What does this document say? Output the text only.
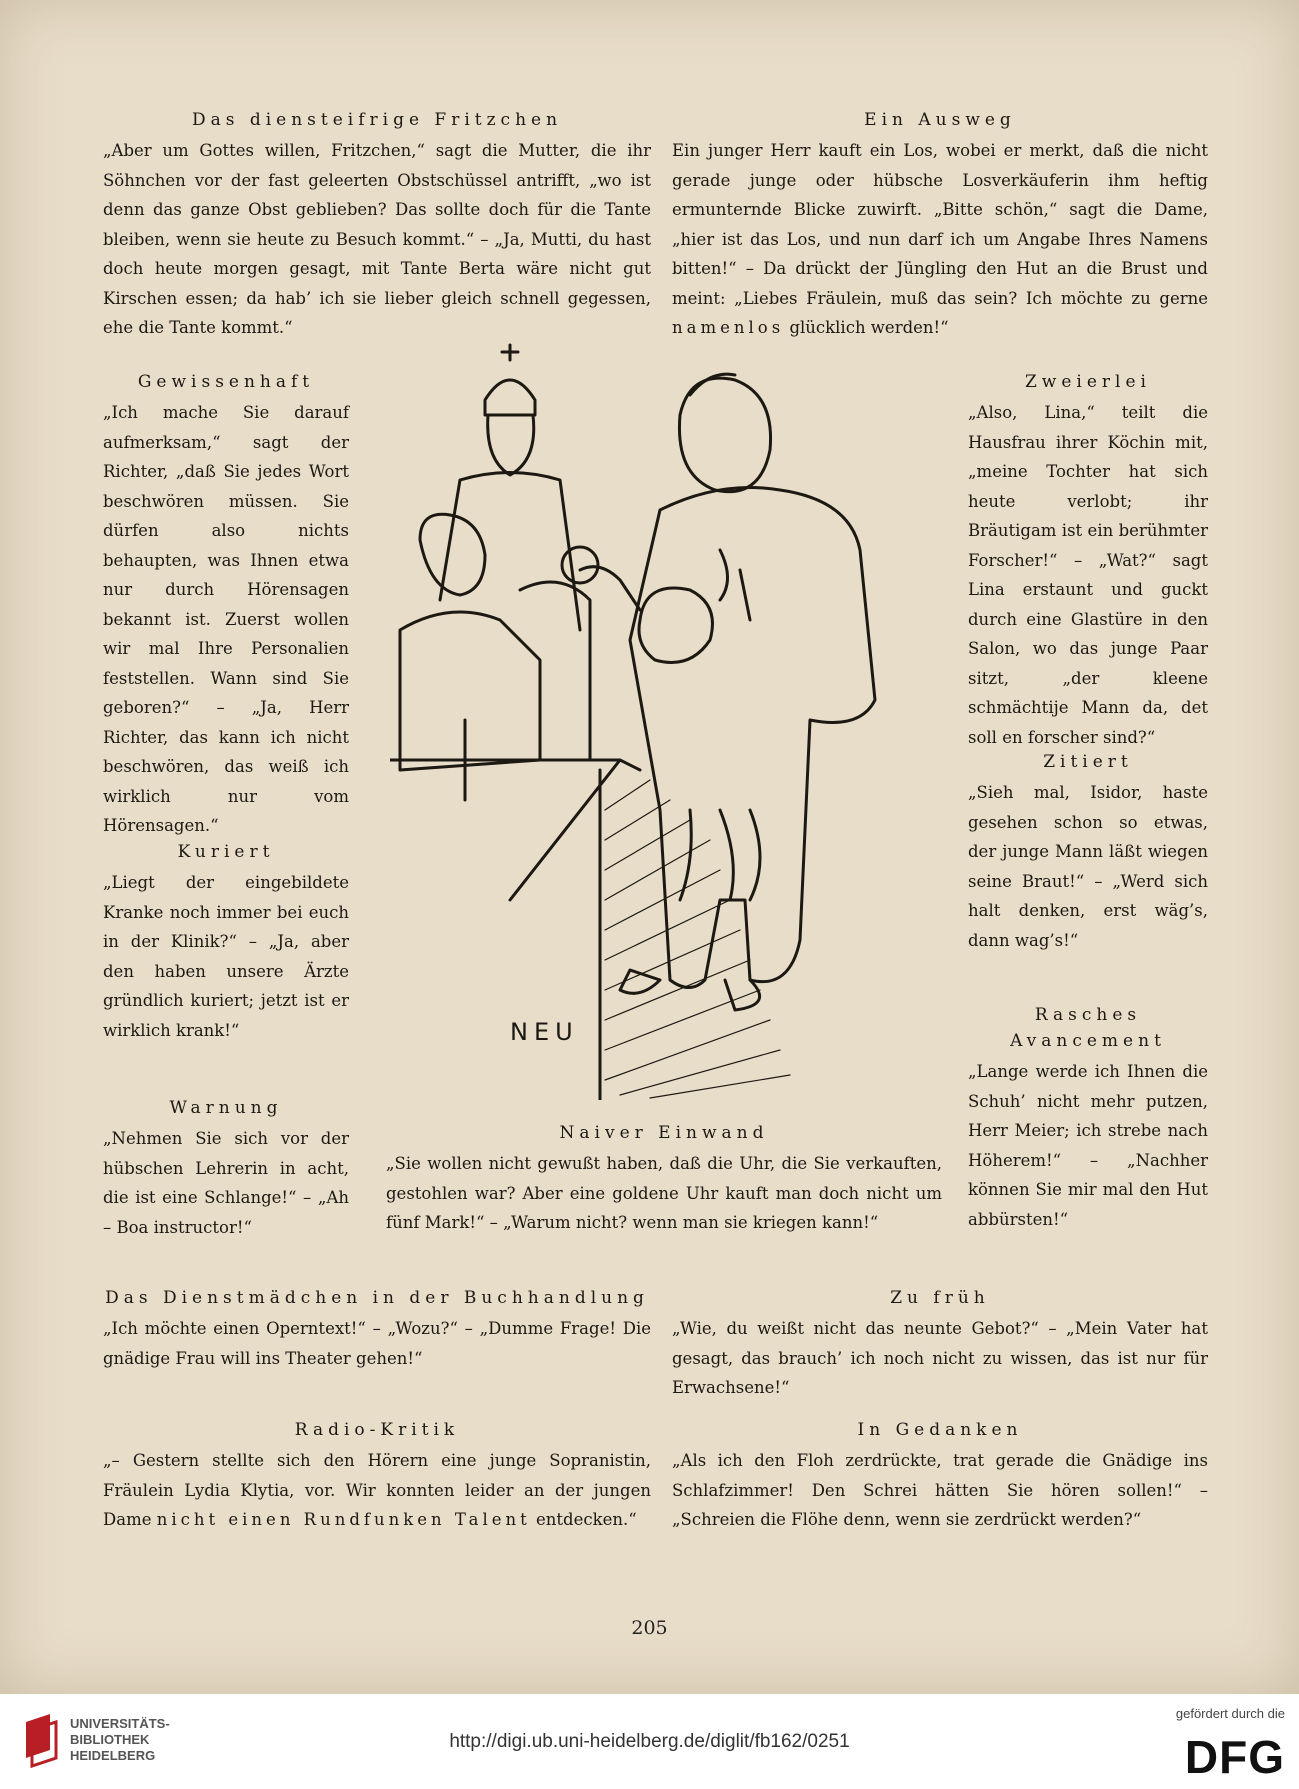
Das diensteifrige Fritzchen
„Aber um Gottes willen, Fritzchen,“ sagt die Mutter, die ihr Söhnchen vor der fast geleerten Obstschüssel antrifft, „wo ist denn das ganze Obst geblieben? Das sollte doch für die Tante bleiben, wenn sie heute zu Besuch kommt.“ – „Ja, Mutti, du hast doch heute morgen gesagt, mit Tante Berta wäre nicht gut Kirschen essen; da hab’ ich sie lieber gleich schnell gegessen, ehe die Tante kommt.“
Ein Ausweg
Ein junger Herr kauft ein Los, wobei er merkt, daß die nicht gerade junge oder hübsche Losverkäuferin ihm heftig ermunternde Blicke zuwirft. „Bitte schön,“ sagt die Dame, „hier ist das Los, und nun darf ich um Angabe Ihres Namens bitten!“ – Da drückt der Jüngling den Hut an die Brust und meint: „Liebes Fräulein, muß das sein? Ich möchte zu gerne namenlos glücklich werden!“
Gewissenhaft
„Ich mache Sie darauf aufmerksam,“ sagt der Richter, „daß Sie jedes Wort beschwören müssen. Sie dürfen also nichts behaupten, was Ihnen etwa nur durch Hörensagen bekannt ist. Zuerst wollen wir mal Ihre Personalien feststellen. Wann sind Sie geboren?“ – „Ja, Herr Richter, das kann ich nicht beschwören, das weiß ich wirklich nur vom Hörensagen.“
Zweierlei
„Also, Lina,“ teilt die Hausfrau ihrer Köchin mit, „meine Tochter hat sich heute verlobt; ihr Bräutigam ist ein berühmter Forscher!“ – „Wat?“ sagt Lina erstaunt und guckt durch eine Glastüre in den Salon, wo das junge Paar sitzt, „der kleene schmächtije Mann da, det soll en forscher sind?“
Zitiert
„Sieh mal, Isidor, haste gesehen schon so etwas, der junge Mann läßt wiegen seine Braut!“ – „Werd sich halt denken, erst wäg’s, dann wag’s!“
Kuriert
„Liegt der eingebildete Kranke noch immer bei euch in der Klinik?“ – „Ja, aber den haben unsere Ärzte gründlich kuriert; jetzt ist er wirklich krank!“
Rasches
Avancement
„Lange werde ich Ihnen die Schuh’ nicht mehr putzen, Herr Meier; ich strebe nach Höherem!“ – „Nachher können Sie mir mal den Hut abbürsten!“
Warnung
„Nehmen Sie sich vor der hübschen Lehrerin in acht, die ist eine Schlange!“ – „Ah – Boa instructor!“
Naiver Einwand
„Sie wollen nicht gewußt haben, daß die Uhr, die Sie verkauften, gestohlen war? Aber eine goldene Uhr kauft man doch nicht um fünf Mark!“ – „Warum nicht? wenn man sie kriegen kann!“
Das Dienstmädchen in der Buchhandlung
„Ich möchte einen Operntext!“ – „Wozu?“ – „Dumme Frage! Die gnädige Frau will ins Theater gehen!“
Zu früh
„Wie, du weißt nicht das neunte Gebot?“ – „Mein Vater hat gesagt, das brauch’ ich noch nicht zu wissen, das ist nur für Erwachsene!“
Radio-Kritik
„– Gestern stellte sich den Hörern eine junge Sopranistin, Fräulein Lydia Klytia, vor. Wir konnten leider an der jungen Dame nicht einen Rundfunken Talent entdecken.“
In Gedanken
„Als ich den Floh zerdrückte, trat gerade die Gnädige ins Schlafzimmer! Den Schrei hätten Sie hören sollen!“ – „Schreien die Flöhe denn, wenn sie zerdrückt werden?“
NEU
205
UNIVERSITÄTS-
BIBLIOTHEK
HEIDELBERG
http://digi.ub.uni-heidelberg.de/diglit/fb162/0251
gefördert durch die
DFG
